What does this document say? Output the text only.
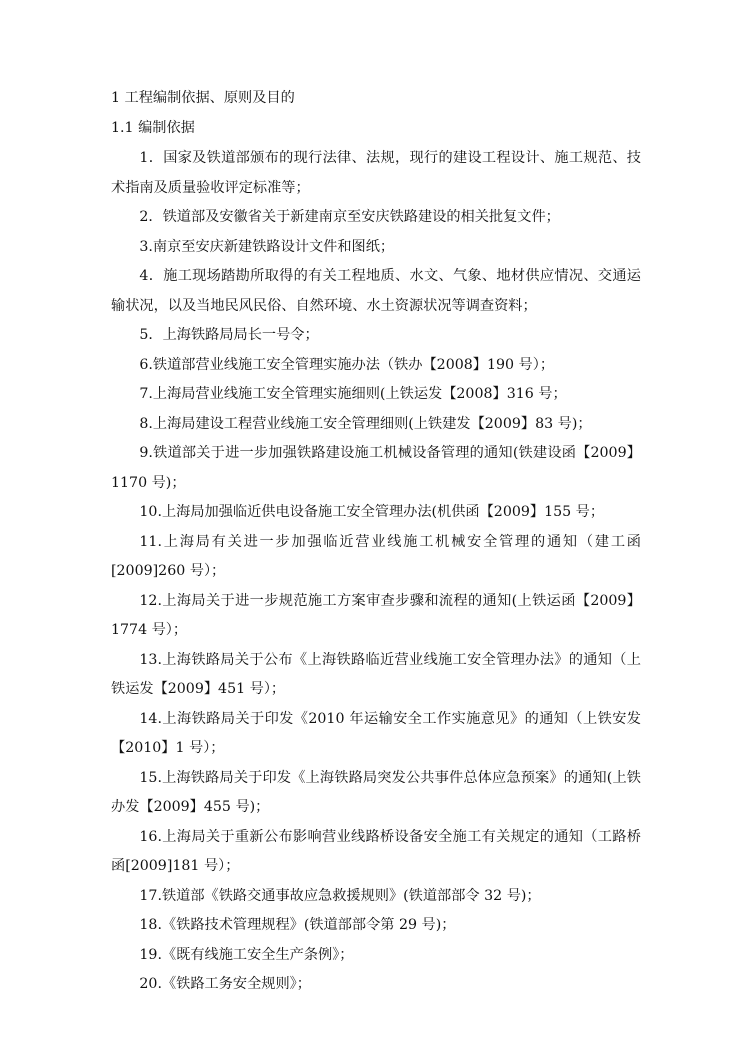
1 工程编制依据、原则及目的
1.1 编制依据

1．国家及铁道部颁布的现行法律、法规，现行的建设工程设计、施工规范、技术指南及质量验收评定标准等；

2．铁道部及安徽省关于新建南京至安庆铁路建设的相关批复文件；

3.南京至安庆新建铁路设计文件和图纸；

4．施工现场踏勘所取得的有关工程地质、水文、气象、地材供应情况、交通运输状况，以及当地民风民俗、自然环境、水土资源状况等调查资料；

5．上海铁路局局长一号令；

6.铁道部营业线施工安全管理实施办法（铁办【2008】190 号）；

7.上海局营业线施工安全管理实施细则(上铁运发【2008】316 号；

8.上海局建设工程营业线施工安全管理细则(上铁建发【2009】83 号)；

9.铁道部关于进一步加强铁路建设施工机械设备管理的通知(铁建设函【2009】1170 号)；

10.上海局加强临近供电设备施工安全管理办法(机供函【2009】155 号；

11.上海局有关进一步加强临近营业线施工机械安全管理的通知（建工函[2009]260 号）；

12.上海局关于进一步规范施工方案审查步骤和流程的通知(上铁运函【2009】1774 号）；

13.上海铁路局关于公布《上海铁路临近营业线施工安全管理办法》的通知（上铁运发【2009】451 号）；

14.上海铁路局关于印发《2010 年运输安全工作实施意见》的通知（上铁安发【2010】1 号）；

15.上海铁路局关于印发《上海铁路局突发公共事件总体应急预案》的通知(上铁办发【2009】455 号)；

16.上海局关于重新公布影响营业线路桥设备安全施工有关规定的通知（工路桥函[2009]181 号）；

17.铁道部《铁路交通事故应急救援规则》(铁道部部令 32 号)；

18.《铁路技术管理规程》(铁道部部令第 29 号)；

19.《既有线施工安全生产条例》；

20.《铁路工务安全规则》；
